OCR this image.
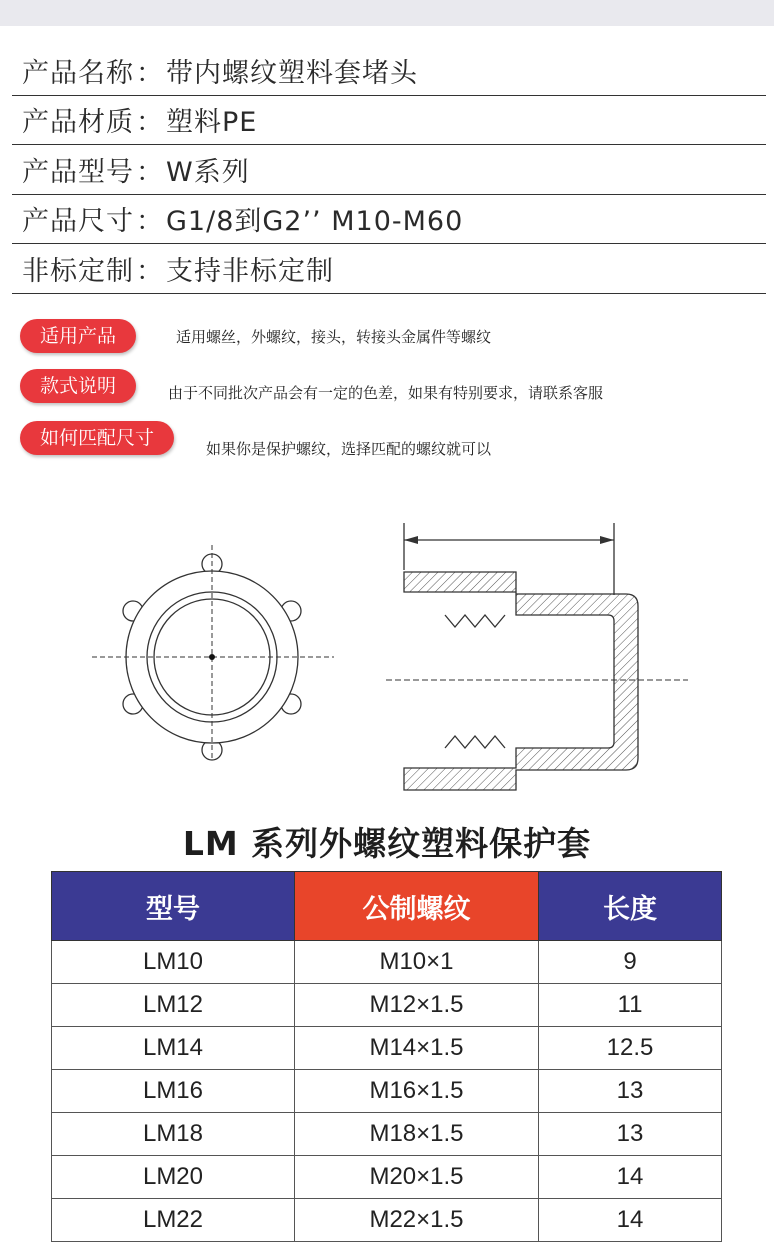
产品名称 ： 带内螺纹塑料套堵头
产品材质 ： 塑料PE
产品型号 ： W系列
产品尺寸 ： G1/8到G2’’ M10-M60
非标定制 ： 支持非标定制
适用产品	适用螺丝，外螺纹，接头，转接头金属件等螺纹
款式说明	由于不同批次产品会有一定的色差，如果有特别要求，请联系客服
如何匹配尺寸	如果你是保护螺纹，选择匹配的螺纹就可以
LM 系列外螺纹塑料保护套
型号	公制螺纹	长度
LM10	M10×1	9
LM12	M12×1.5	11
LM14	M14×1.5	12.5
LM16	M16×1.5	13
LM18	M18×1.5	13
LM20	M20×1.5	14
LM22	M22×1.5	14
